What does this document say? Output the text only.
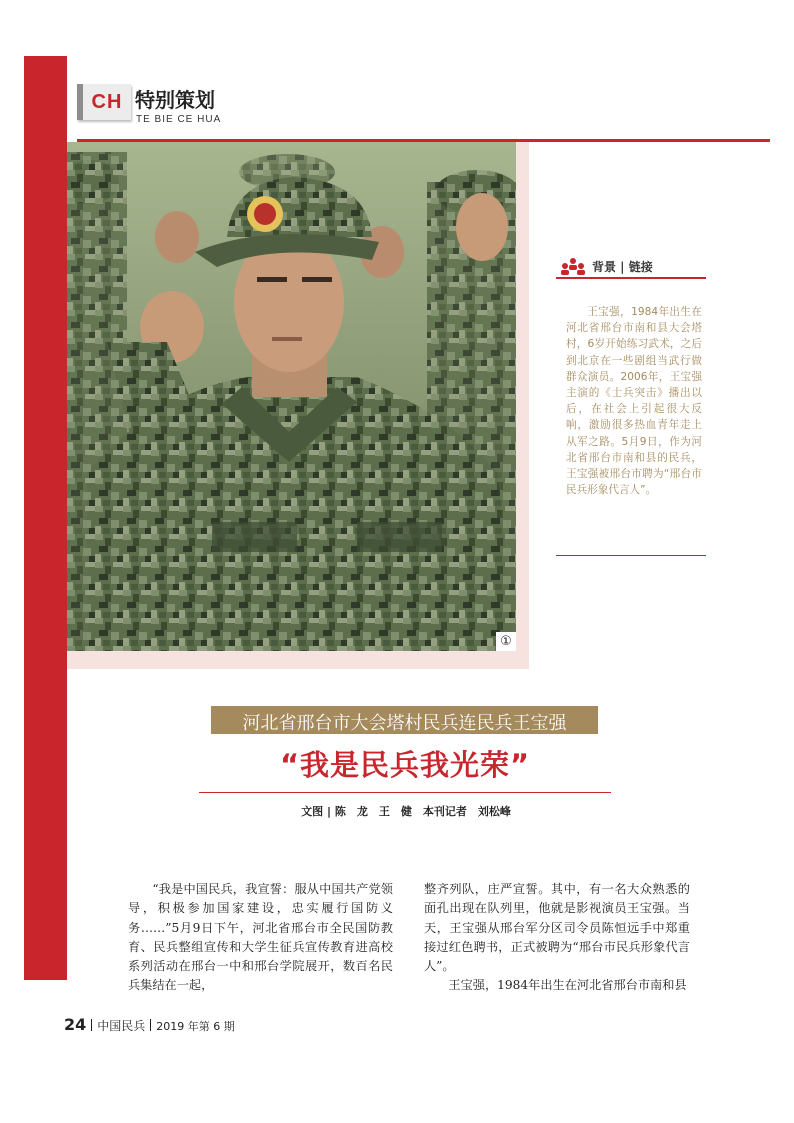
CH 特别策划
TE BIE CE HUA
①
背景 | 链接
王宝强，1984年出生在河北省邢台市南和县大会塔村，6岁开始练习武术，之后到北京在一些剧组当武行做群众演员。2006年，王宝强主演的《士兵突击》播出以后，在社会上引起很大反响，激励很多热血青年走上从军之路。5月9日，作为河北省邢台市南和县的民兵，王宝强被邢台市聘为“邢台市民兵形象代言人”。
河北省邢台市大会塔村民兵连民兵王宝强
“我是民兵我光荣”
文图 | 陈　龙　王　健　本刊记者　刘松峰

“我是中国民兵，我宣誓：服从中国共产党领导，积极参加国家建设，忠实履行国防义务……”5月9日下午，河北省邢台市全民国防教育、民兵整组宣传和大学生征兵宣传教育进高校系列活动在邢台一中和邢台学院展开，数百名民兵集结在一起，

整齐列队，庄严宣誓。其中，有一名大众熟悉的面孔出现在队列里，他就是影视演员王宝强。当天，王宝强从邢台军分区司令员陈恒远手中郑重接过红色聘书，正式被聘为“邢台市民兵形象代言人”。

王宝强，1984年出生在河北省邢台市南和县

24 中国民兵 2019 年第 6 期
